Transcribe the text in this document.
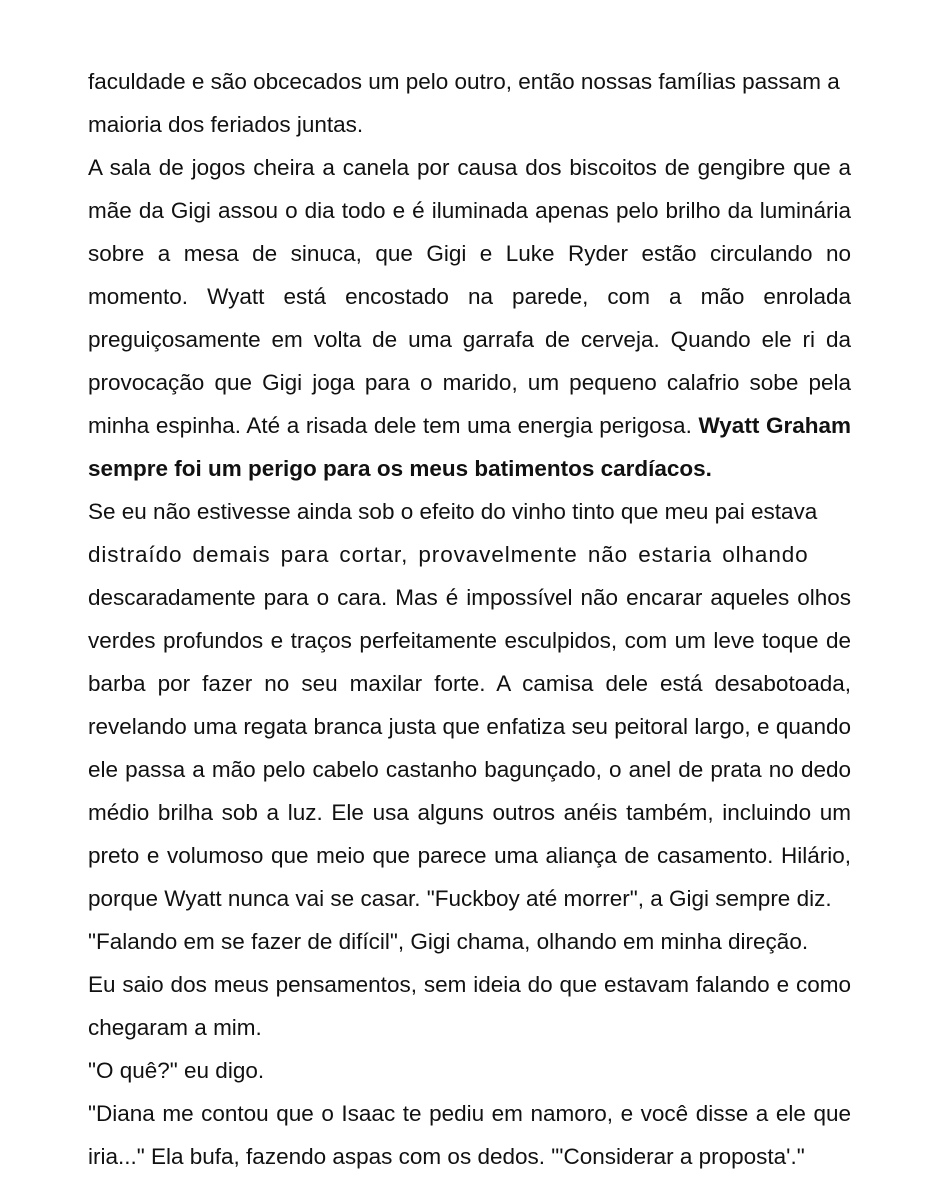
faculdade e são obcecados um pelo outro, então nossas famílias passam a
maioria dos feriados juntas.

A sala de jogos cheira a canela por causa dos biscoitos de gengibre que a mãe da Gigi assou o dia todo e é iluminada apenas pelo brilho da luminária sobre a mesa de sinuca, que Gigi e Luke Ryder estão circulando no momento. Wyatt está encostado na parede, com a mão enrolada preguiçosamente em volta de uma garrafa de cerveja. Quando ele ri da provocação que Gigi joga para o marido, um pequeno calafrio sobe pela minha espinha. Até a risada dele tem uma energia perigosa. Wyatt Graham sempre foi um perigo para os meus batimentos cardíacos.

Se eu não estivesse ainda sob o efeito do vinho tinto que meu pai estava
distraído demais para cortar, provavelmente não estaria olhando
descaradamente para o cara. Mas é impossível não encarar aqueles olhos verdes profundos e traços perfeitamente esculpidos, com um leve toque de barba por fazer no seu maxilar forte. A camisa dele está desabotoada, revelando uma regata branca justa que enfatiza seu peitoral largo, e quando ele passa a mão pelo cabelo castanho bagunçado, o anel de prata no dedo médio brilha sob a luz. Ele usa alguns outros anéis também, incluindo um preto e volumoso que meio que parece uma aliança de casamento. Hilário, porque Wyatt nunca vai se casar. "Fuckboy até morrer", a Gigi sempre diz.

"Falando em se fazer de difícil", Gigi chama, olhando em minha direção.

Eu saio dos meus pensamentos, sem ideia do que estavam falando e como chegaram a mim.

"O quê?" eu digo.

"Diana me contou que o Isaac te pediu em namoro, e você disse a ele que iria..." Ela bufa, fazendo aspas com os dedos. "'Considerar a proposta'."
